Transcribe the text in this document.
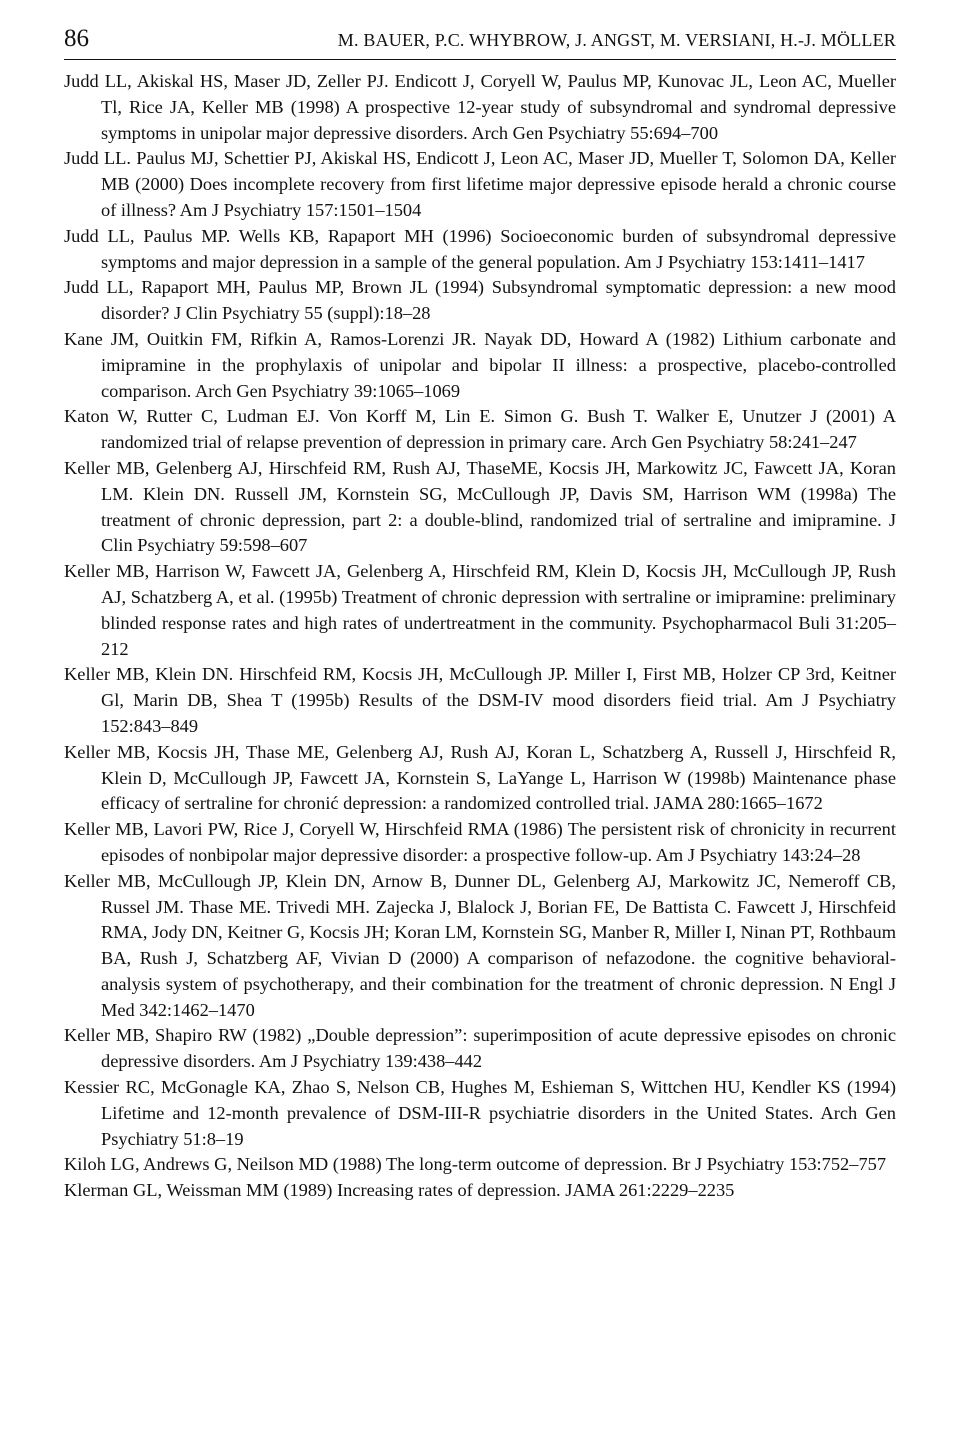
86	M. BAUER, P.C. WHYBROW, J. ANGST, M. VERSIANI, H.-J. MÖLLER
Judd LL, Akiskal HS, Maser JD, Zeller PJ. Endicott J, Coryell W, Paulus MP, Kunovac JL, Leon AC, Mueller Tl, Rice JA, Keller MB (1998) A prospective 12-year study of subsyndromal and syndromal depressive symptoms in unipolar major depressive disorders. Arch Gen Psychiatry 55:694–700
Judd LL. Paulus MJ, Schettier PJ, Akiskal HS, Endicott J, Leon AC, Maser JD, Mueller T, Solomon DA, Keller MB (2000) Does incomplete recovery from first lifetime major depressive episode herald a chronic course of illness? Am J Psychiatry 157:1501–1504
Judd LL, Paulus MP. Wells KB, Rapaport MH (1996) Socioeconomic burden of subsyndromal depressive symptoms and major depression in a sample of the general population. Am J Psychiatry 153:1411–1417
Judd LL, Rapaport MH, Paulus MP, Brown JL (1994) Subsyndromal symptomatic depression: a new mood disorder? J Clin Psychiatry 55 (suppl):18–28
Kane JM, Ouitkin FM, Rifkin A, Ramos-Lorenzi JR. Nayak DD, Howard A (1982) Lithium carbonate and imipramine in the prophylaxis of unipolar and bipolar II illness: a prospective, placebo-controlled comparison. Arch Gen Psychiatry 39:1065–1069
Katon W, Rutter C, Ludman EJ. Von Korff M, Lin E. Simon G. Bush T. Walker E, Unutzer J (2001) A randomized trial of relapse prevention of depression in primary care. Arch Gen Psychiatry 58:241–247
Keller MB, Gelenberg AJ, Hirschfeid RM, Rush AJ, ThaseME, Kocsis JH, Markowitz JC, Fawcett JA, Koran LM. Klein DN. Russell JM, Kornstein SG, McCullough JP, Davis SM, Harrison WM (1998a) The treatment of chronic depression, part 2: a double-blind, randomized trial of sertraline and imipramine. J Clin Psychiatry 59:598–607
Keller MB, Harrison W, Fawcett JA, Gelenberg A, Hirschfeid RM, Klein D, Kocsis JH, McCullough JP, Rush AJ, Schatzberg A, et al. (1995b) Treatment of chronic depression with sertraline or imipramine: preliminary blinded response rates and high rates of undertreatment in the community. Psychopharmacol Buli 31:205–212
Keller MB, Klein DN. Hirschfeid RM, Kocsis JH, McCullough JP. Miller I, First MB, Holzer CP 3rd, Keitner Gl, Marin DB, Shea T (1995b) Results of the DSM-IV mood disorders fieid trial. Am J Psychiatry 152:843–849
Keller MB, Kocsis JH, Thase ME, Gelenberg AJ, Rush AJ, Koran L, Schatzberg A, Russell J, Hirschfeid R, Klein D, McCullough JP, Fawcett JA, Kornstein S, LaYange L, Harrison W (1998b) Maintenance phase efficacy of sertraline for chronić depression: a randomized controlled trial. JAMA 280:1665–1672
Keller MB, Lavori PW, Rice J, Coryell W, Hirschfeid RMA (1986) The persistent risk of chronicity in recurrent episodes of nonbipolar major depressive disorder: a prospective follow-up. Am J Psychiatry 143:24–28
Keller MB, McCullough JP, Klein DN, Arnow B, Dunner DL, Gelenberg AJ, Markowitz JC, Nemeroff CB, Russel JM. Thase ME. Trivedi MH. Zajecka J, Blalock J, Borian FE, De Battista C. Fawcett J, Hirschfeid RMA, Jody DN, Keitner G, Kocsis JH; Koran LM, Kornstein SG, Manber R, Miller I, Ninan PT, Rothbaum BA, Rush J, Schatzberg AF, Vivian D (2000) A comparison of nefazodone. the cognitive behavioral-analysis system of psychotherapy, and their combination for the treatment of chronic depression. N Engl J Med 342:1462–1470
Keller MB, Shapiro RW (1982) „Double depression”: superimposition of acute depressive episodes on chronic depressive disorders. Am J Psychiatry 139:438–442
Kessier RC, McGonagle KA, Zhao S, Nelson CB, Hughes M, Eshieman S, Wittchen HU, Kendler KS (1994) Lifetime and 12-month prevalence of DSM-III-R psychiatrie disorders in the United States. Arch Gen Psychiatry 51:8–19
Kiloh LG, Andrews G, Neilson MD (1988) The long-term outcome of depression. Br J Psychiatry 153:752–757
Klerman GL, Weissman MM (1989) Increasing rates of depression. JAMA 261:2229–2235
